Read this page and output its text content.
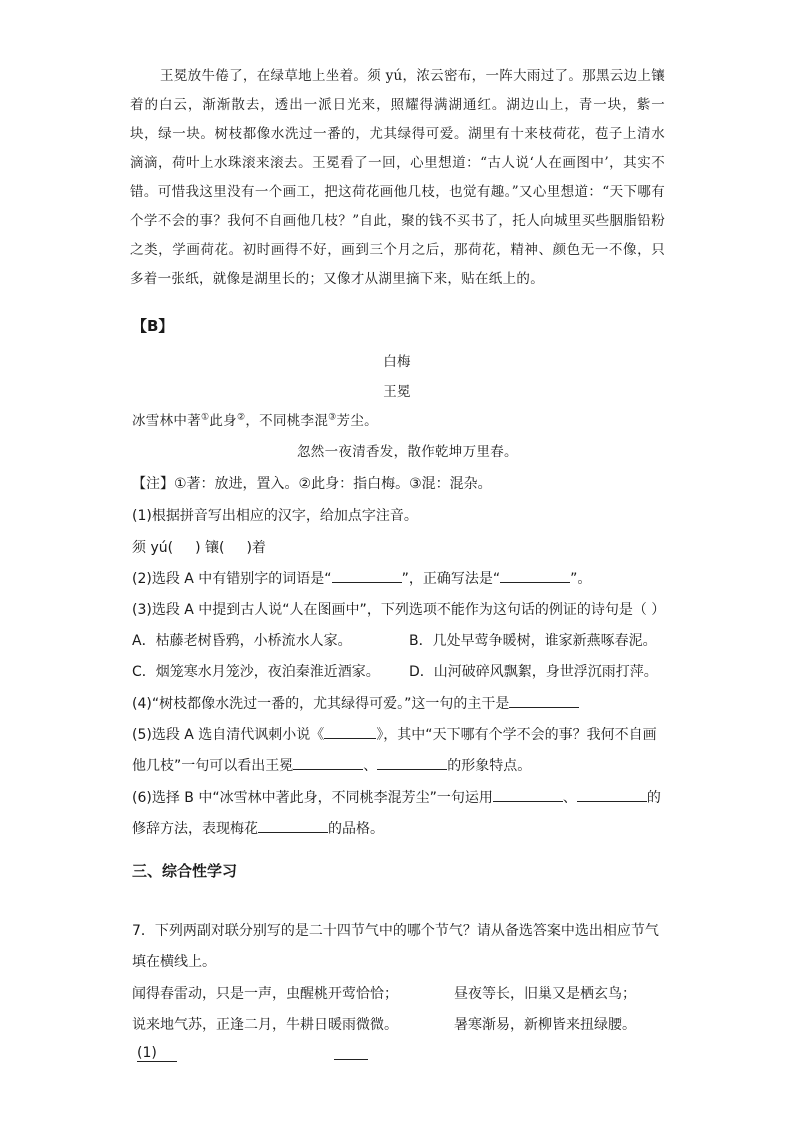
王冕放牛倦了，在绿草地上坐着。须 yú，浓云密布，一阵大雨过了。那黑云边上镶着的白云，渐渐散去，透出一派日光来，照耀得满湖通红。湖边山上，青一块，紫一块，绿一块。树枝都像水洗过一番的，尤其绿得可爱。湖里有十来枝荷花，苞子上清水滴滴，荷叶上水珠滚来滚去。王冕看了一回，心里想道：“古人说‘人在画图中’，其实不错。可惜我这里没有一个画工，把这荷花画他几枝，也觉有趣。”又心里想道：“天下哪有个学不会的事？我何不自画他几枝？”自此，聚的钱不买书了，托人向城里买些胭脂铅粉之类，学画荷花。初时画得不好，画到三个月之后，那荷花，精神、颜色无一不像，只多着一张纸，就像是湖里长的；又像才从湖里摘下来，贴在纸上的。

【B】
白梅
王冕
冰雪林中著①此身②，不同桃李混③芳尘。
忽然一夜清香发，散作乾坤万里春。
【注】①著：放进，置入。②此身：指白梅。③混：混杂。
(1)根据拼音写出相应的汉字，给加点字注音。
须 yú( ) 镶( )着
(2)选段 A 中有错别字的词语是“	”，正确写法是“	”。
(3)选段 A 中提到古人说“人在图画中”，下列选项不能作为这句话的例证的诗句是（ ）
A．枯藤老树昏鸦，小桥流水人家。	B．几处早莺争暖树，谁家新燕啄春泥。
C．烟笼寒水月笼沙，夜泊秦淮近酒家。 D．山河破碎风飘絮，身世浮沉雨打萍。
(4)“树枝都像水洗过一番的，尤其绿得可爱。”这一句的主干是
(5)选段 A 选自清代讽刺小说《	》，其中“天下哪有个学不会的事？我何不自画
他几枝”一句可以看出王冕	、	的形象特点。
(6)选择 B 中“冰雪林中著此身，不同桃李混芳尘”一句运用	、	的
修辞方法，表现梅花	的品格。
三、综合性学习
7．下列两副对联分别写的是二十四节气中的哪个节气？请从备选答案中选出相应节气
填在横线上。
闻得春雷动，只是一声，虫醒桃开莺恰恰；	昼夜等长，旧巢又是栖玄鸟；
说来地气苏，正逢二月，牛耕日暖雨微微。	暑寒渐易，新柳皆来扭绿腰。
(1)
